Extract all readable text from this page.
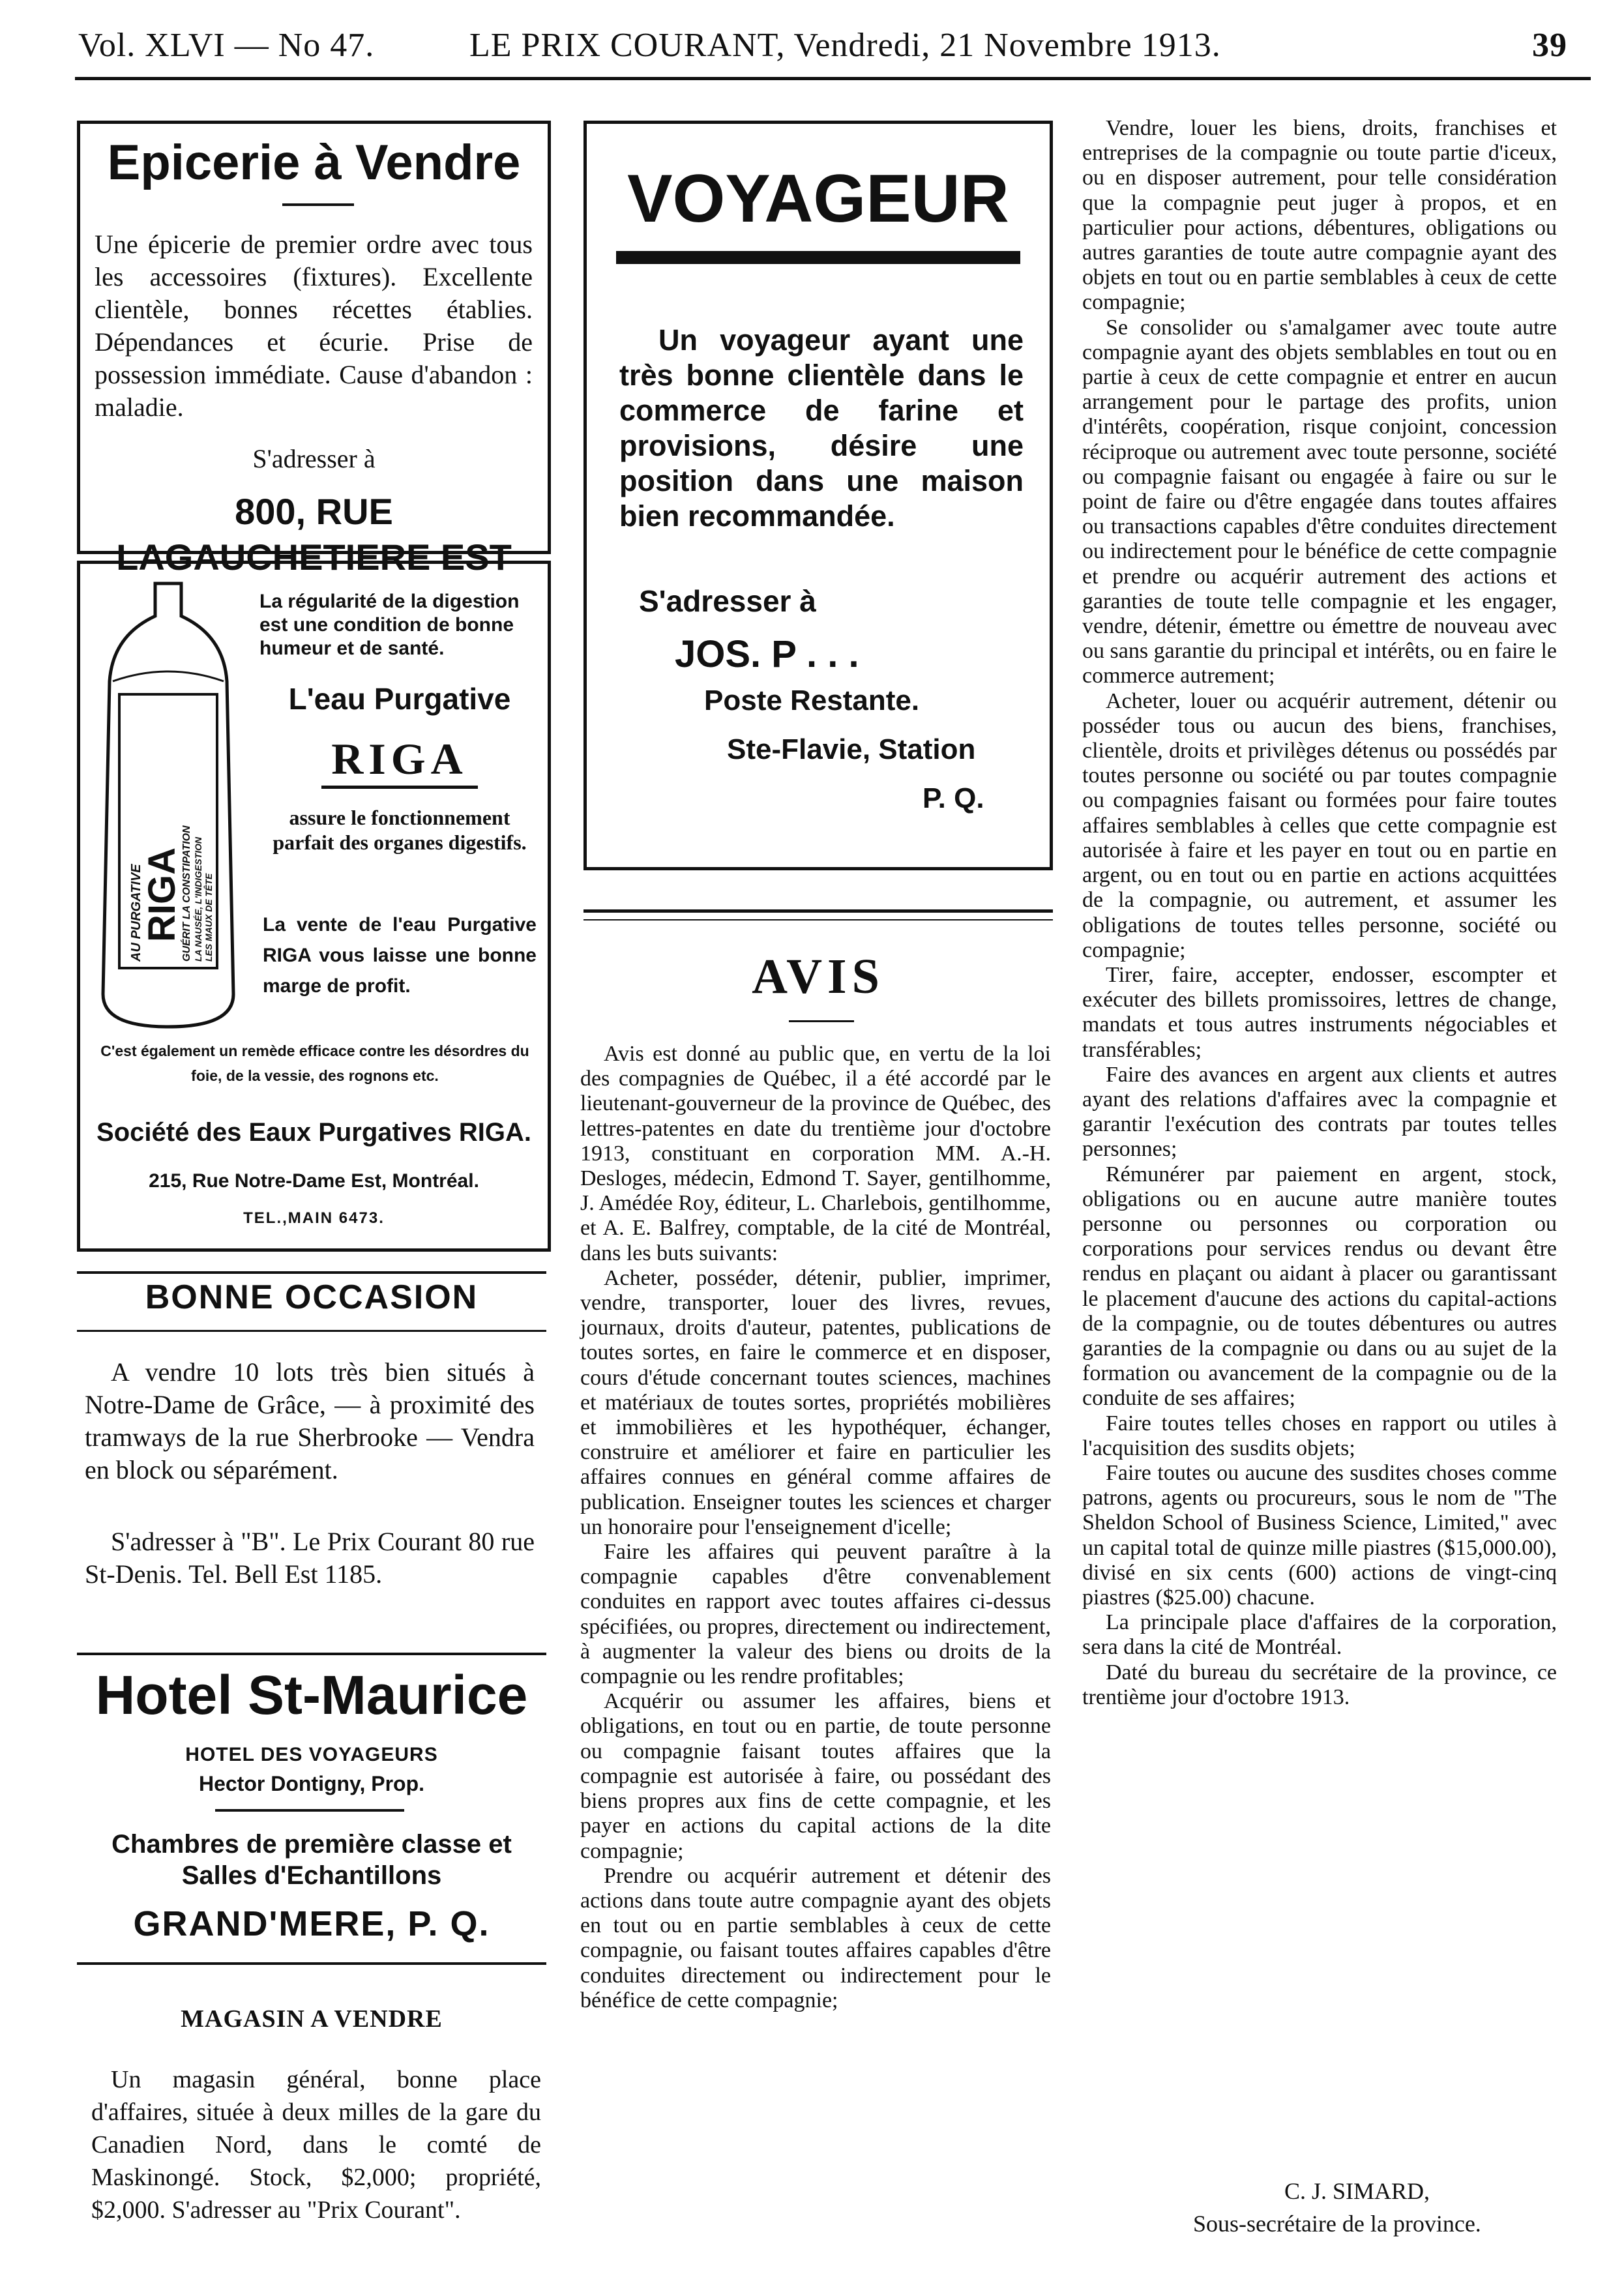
Vol. XLVI — No 47.	LE PRIX COURANT, Vendredi, 21 Novembre 1913.	39
Epicerie à Vendre
Une épicerie de premier ordre avec tous les accessoires (fixtures). Excellente clientèle, bonnes récettes établies. Dépendances et écurie. Prise de possession immédiate. Cause d'abandon : maladie.
S'adresser à
800, RUE LAGAUCHETIERE EST
AU PURGATIVE
RIGA
GUÉRIT LA CONSTIPATION LA NAUSÉE, L'INDIGESTION LES MAUX DE TÊTE
La régularité de la digestion est une condition de bonne humeur et de santé.
L'eau Purgative
RIGA
assure le fonctionnement parfait des organes digestifs.
La vente de l'eau Purgative RIGA vous laisse une bonne marge de profit.
C'est également un remède efficace contre les désordres du foie, de la vessie, des rognons etc.
Société des Eaux Purgatives RIGA.
215, Rue Notre-Dame Est, Montréal.
TEL.,MAIN 6473.
BONNE OCCASION
A vendre 10 lots très bien situés à Notre-Dame de Grâce, — à proximité des tramways de la rue Sherbrooke — Vendra en block ou séparément.
S'adresser à "B". Le Prix Courant 80 rue St-Denis. Tel. Bell Est 1185.
Hotel St-Maurice
HOTEL DES VOYAGEURS
Hector Dontigny, Prop.
Chambres de première classe et Salles d'Echantillons
GRAND'MERE, P. Q.
MAGASIN A VENDRE
Un magasin général, bonne place d'affaires, située à deux milles de la gare du Canadien Nord, dans le comté de Maskinongé. Stock, $2,000; propriété, $2,000. S'adresser au "Prix Courant".
VOYAGEUR
Un voyageur ayant une très bonne clientèle dans le commerce de farine et provisions, désire une position dans une maison bien recommandée.
S'adresser à
JOS. P . . .
Poste Restante.
Ste-Flavie, Station
P. Q.
AVIS

Avis est donné au public que, en vertu de la loi des compagnies de Québec, il a été accordé par le lieutenant-gouverneur de la province de Québec, des lettres-patentes en date du trentième jour d'octobre 1913, constituant en corporation MM. A.-H. Desloges, médecin, Edmond T. Sayer, gentilhomme, J. Amédée Roy, éditeur, L. Charlebois, gentilhomme, et A. E. Balfrey, comptable, de la cité de Montréal, dans les buts suivants:

Acheter, posséder, détenir, publier, imprimer, vendre, transporter, louer des livres, revues, journaux, droits d'auteur, patentes, publications de toutes sortes, en faire le commerce et en disposer, cours d'étude concernant toutes sciences, machines et matériaux de toutes sortes, propriétés mobilières et immobilières et les hypothéquer, échanger, construire et améliorer et faire en particulier les affaires connues en général comme affaires de publication. Enseigner toutes les sciences et charger un honoraire pour l'enseignement d'icelle;

Faire les affaires qui peuvent paraître à la compagnie capables d'être convenablement conduites en rapport avec toutes affaires ci-dessus spécifiées, ou propres, directement ou indirectement, à augmenter la valeur des biens ou droits de la compagnie ou les rendre profitables;

Acquérir ou assumer les affaires, biens et obligations, en tout ou en partie, de toute personne ou compagnie faisant toutes affaires que la compagnie est autorisée à faire, ou possédant des biens propres aux fins de cette compagnie, et les payer en actions du capital actions de la dite compagnie;

Prendre ou acquérir autrement et détenir des actions dans toute autre compagnie ayant des objets en tout ou en partie semblables à ceux de cette compagnie, ou faisant toutes affaires capables d'être conduites directement ou indirectement pour le bénéfice de cette compagnie;

Vendre, louer les biens, droits, franchises et entreprises de la compagnie ou toute partie d'iceux, ou en disposer autrement, pour telle considération que la compagnie peut juger à propos, et en particulier pour actions, débentures, obligations ou autres garanties de toute autre compagnie ayant des objets en tout ou en partie semblables à ceux de cette compagnie;

Se consolider ou s'amalgamer avec toute autre compagnie ayant des objets semblables en tout ou en partie à ceux de cette compagnie et entrer en aucun arrangement pour le partage des profits, union d'intérêts, coopération, risque conjoint, concession réciproque ou autrement avec toute personne, société ou compagnie faisant ou engagée à faire ou sur le point de faire ou d'être engagée dans toutes affaires ou transactions capables d'être conduites directement ou indirectement pour le bénéfice de cette compagnie et prendre ou acquérir autrement des actions et garanties de toute telle compagnie et les engager, vendre, détenir, émettre ou émettre de nouveau avec ou sans garantie du principal et intérêts, ou en faire le commerce autrement;

Acheter, louer ou acquérir autrement, détenir ou posséder tous ou aucun des biens, franchises, clientèle, droits et privilèges détenus ou possédés par toutes personne ou société ou par toutes compagnie ou compagnies faisant ou formées pour faire toutes affaires semblables à celles que cette compagnie est autorisée à faire et les payer en tout ou en partie en argent, ou en tout ou en partie en actions acquittées de la compagnie, ou autrement, et assumer les obligations de toutes telles personne, société ou compagnie;

Tirer, faire, accepter, endosser, escompter et exécuter des billets promissoires, lettres de change, mandats et tous autres instruments négociables et transférables;

Faire des avances en argent aux clients et autres ayant des relations d'affaires avec la compagnie et garantir l'exécution des contrats par toutes telles personnes;

Rémunérer par paiement en argent, stock, obligations ou en aucune autre manière toutes personne ou personnes ou corporation ou corporations pour services rendus ou devant être rendus en plaçant ou aidant à placer ou garantissant le placement d'aucune des actions du capital-actions de la compagnie, ou de toutes débentures ou autres garanties de la compagnie ou dans ou au sujet de la formation ou avancement de la compagnie ou de la conduite de ses affaires;

Faire toutes telles choses en rapport ou utiles à l'acquisition des susdits objets;

Faire toutes ou aucune des susdites choses comme patrons, agents ou procureurs, sous le nom de "The Sheldon School of Business Science, Limited," avec un capital total de quinze mille piastres ($15,000.00), divisé en six cents (600) actions de vingt-cinq piastres ($25.00) chacune.

La principale place d'affaires de la corporation, sera dans la cité de Montréal.

Daté du bureau du secrétaire de la province, ce trentième jour d'octobre 1913.

C. J. SIMARD,
Sous-secrétaire de la province.
